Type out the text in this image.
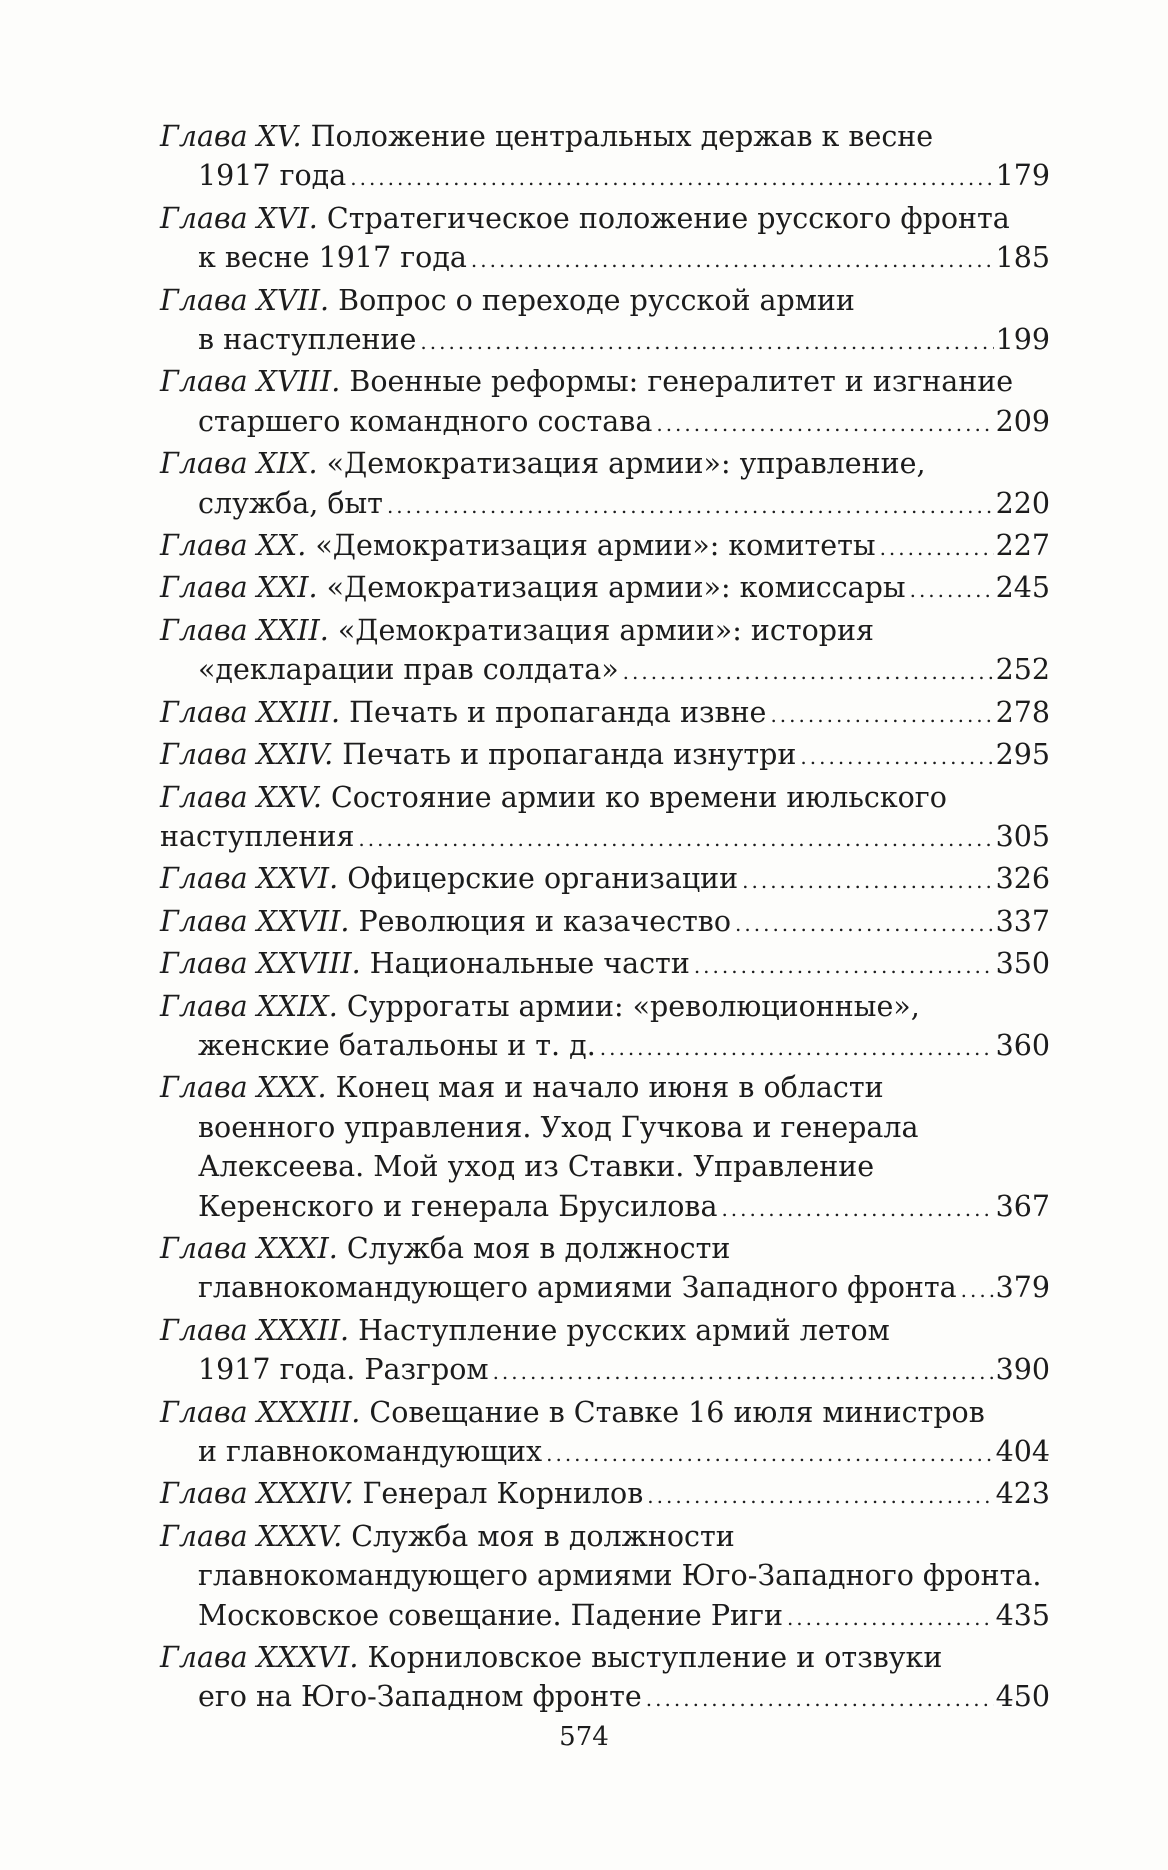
Глава XV. Положение центральных держав к весне
1917 года .....	179
Глава XVI. Стратегическое положение русского фронта
к весне 1917 года .....	185
Глава XVII. Вопрос о переходе русской армии
в наступление .....	199
Глава XVIII. Военные реформы: генералитет и изгнание
старшего командного состава .....	209
Глава XIX. «Демократизация армии»: управление,
служба, быт .....	220
Глава XX. «Демократизация армии»: комитеты .....	227
Глава XXI. «Демократизация армии»: комиссары .....	245
Глава XXII. «Демократизация армии»: история
«декларации прав солдата» .....	252
Глава XXIII. Печать и пропаганда извне .....	278
Глава XXIV. Печать и пропаганда изнутри .....	295
Глава XXV. Состояние армии ко времени июльского
наступления .....	305
Глава XXVI. Офицерские организации .....	326
Глава XXVII. Революция и казачество .....	337
Глава XXVIII. Национальные части .....	350
Глава XXIX. Суррогаты армии: «революционные»,
женские батальоны и т. д. .....	360
Глава XXX. Конец мая и начало июня в области
военного управления. Уход Гучкова и генерала
Алексеева. Мой уход из Ставки. Управление
Керенского и генерала Брусилова .....	367
Глава XXXI. Служба моя в должности
главнокомандующего армиями Западного фронта ..... 379
Глава XXXII. Наступление русских армий летом
1917 года. Разгром .....	390
Глава XXXIII. Совещание в Ставке 16 июля министров
и главнокомандующих .....	404
Глава XXXIV. Генерал Корнилов .....	423
Глава XXXV. Служба моя в должности
главнокомандующего армиями Юго-Западного фронта.
Московское совещание. Падение Риги .....	435
Глава XXXVI. Корниловское выступление и отзвуки
его на Юго-Западном фронте .....	450
574
